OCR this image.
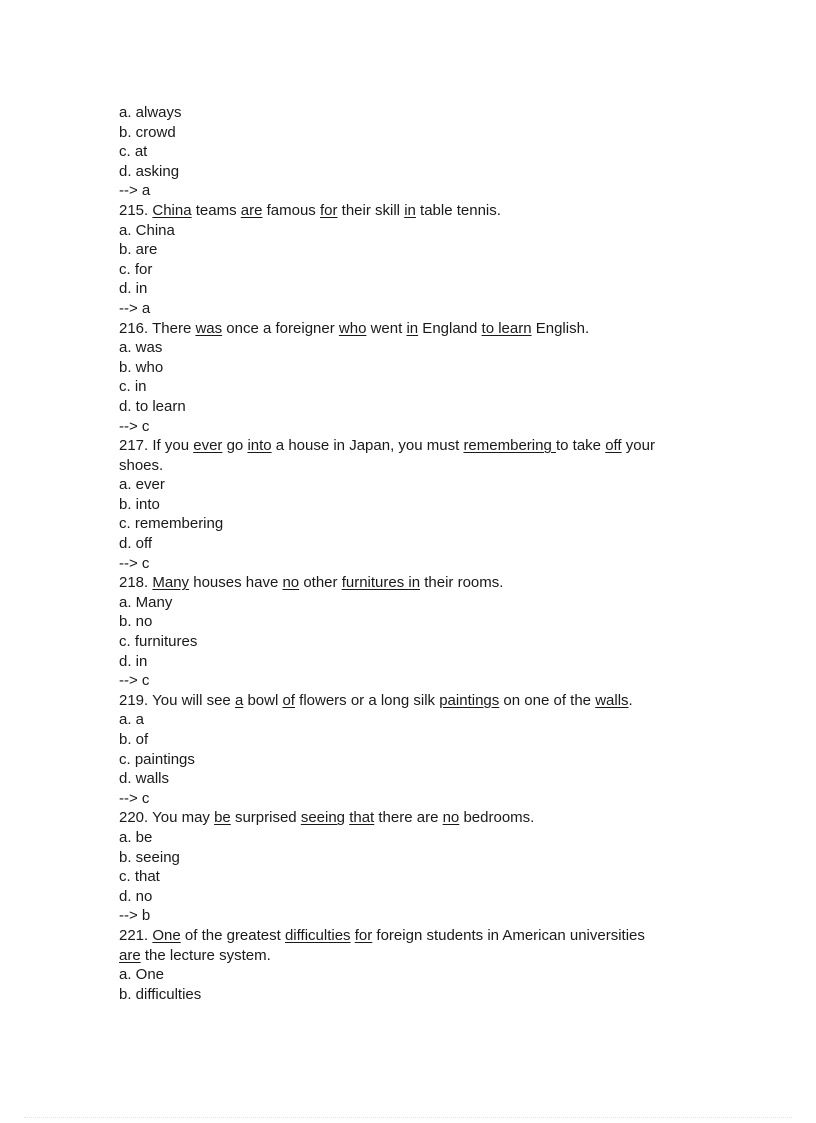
a. always
b. crowd
c. at
d. asking
--> a
215. China teams are famous for their skill in table tennis.
a. China
b. are
c. for
d. in
--> a
216. There was once a foreigner who went in England to learn English.
a. was
b. who
c. in
d. to learn
--> c
217. If you ever go into a house in Japan, you must remembering to take off your
shoes.
a. ever
b. into
c. remembering
d. off
--> c
218. Many houses have no other furnitures in their rooms.
a. Many
b. no
c. furnitures
d. in
--> c
219. You will see a bowl of flowers or a long silk paintings on one of the walls.
a. a
b. of
c. paintings
d. walls
--> c
220. You may be surprised seeing that there are no bedrooms.
a. be
b. seeing
c. that
d. no
--> b
221. One of the greatest difficulties for foreign students in American universities
are the lecture system.
a. One
b. difficulties
